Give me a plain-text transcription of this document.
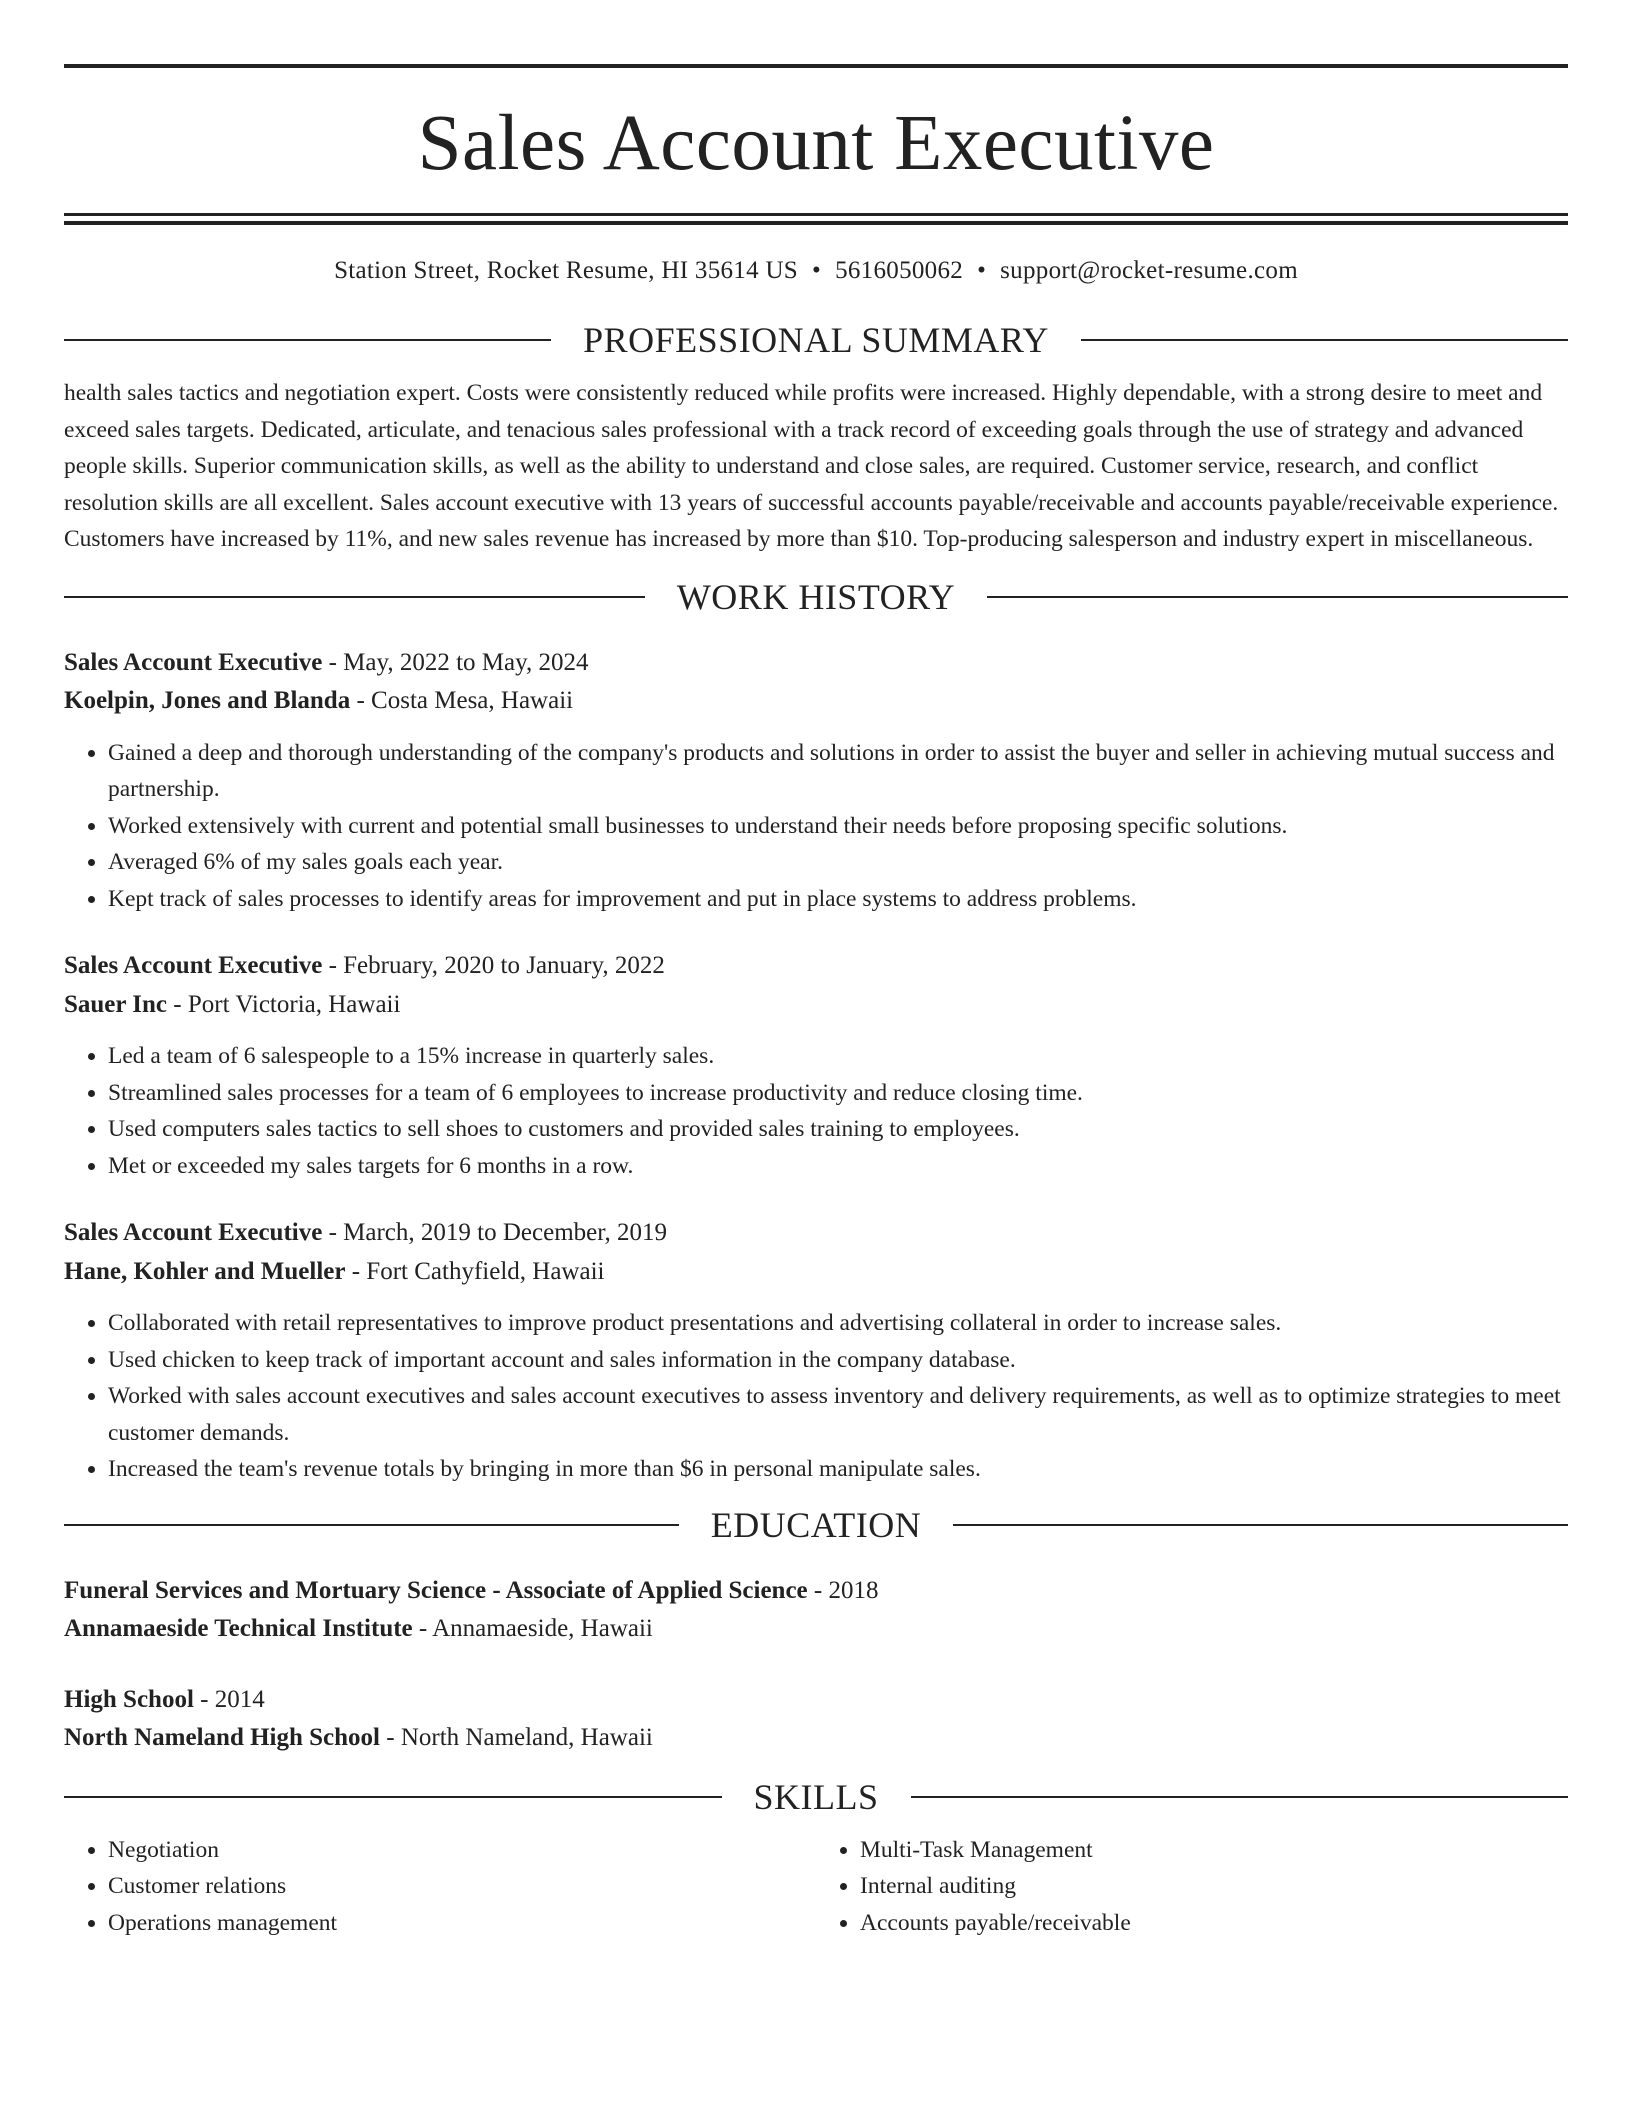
Sales Account Executive
Station Street, Rocket Resume, HI 35614 US • 5616050062 • support@rocket-resume.com
PROFESSIONAL SUMMARY
health sales tactics and negotiation expert. Costs were consistently reduced while profits were increased. Highly dependable, with a strong desire to meet and exceed sales targets. Dedicated, articulate, and tenacious sales professional with a track record of exceeding goals through the use of strategy and advanced people skills. Superior communication skills, as well as the ability to understand and close sales, are required. Customer service, research, and conflict resolution skills are all excellent. Sales account executive with 13 years of successful accounts payable/receivable and accounts payable/receivable experience. Customers have increased by 11%, and new sales revenue has increased by more than $10. Top-producing salesperson and industry expert in miscellaneous.
WORK HISTORY
Sales Account Executive - May, 2022 to May, 2024
Koelpin, Jones and Blanda - Costa Mesa, Hawaii
• Gained a deep and thorough understanding of the company's products and solutions in order to assist the buyer and seller in achieving mutual success and partnership.
• Worked extensively with current and potential small businesses to understand their needs before proposing specific solutions.
• Averaged 6% of my sales goals each year.
• Kept track of sales processes to identify areas for improvement and put in place systems to address problems.
Sales Account Executive - February, 2020 to January, 2022
Sauer Inc - Port Victoria, Hawaii
• Led a team of 6 salespeople to a 15% increase in quarterly sales.
• Streamlined sales processes for a team of 6 employees to increase productivity and reduce closing time.
• Used computers sales tactics to sell shoes to customers and provided sales training to employees.
• Met or exceeded my sales targets for 6 months in a row.
Sales Account Executive - March, 2019 to December, 2019
Hane, Kohler and Mueller - Fort Cathyfield, Hawaii
• Collaborated with retail representatives to improve product presentations and advertising collateral in order to increase sales.
• Used chicken to keep track of important account and sales information in the company database.
• Worked with sales account executives and sales account executives to assess inventory and delivery requirements, as well as to optimize strategies to meet customer demands.
• Increased the team's revenue totals by bringing in more than $6 in personal manipulate sales.
EDUCATION
Funeral Services and Mortuary Science - Associate of Applied Science - 2018
Annamaeside Technical Institute - Annamaeside, Hawaii
High School - 2014
North Nameland High School - North Nameland, Hawaii
SKILLS
• Negotiation
• Customer relations
• Operations management
• Multi-Task Management
• Internal auditing
• Accounts payable/receivable
